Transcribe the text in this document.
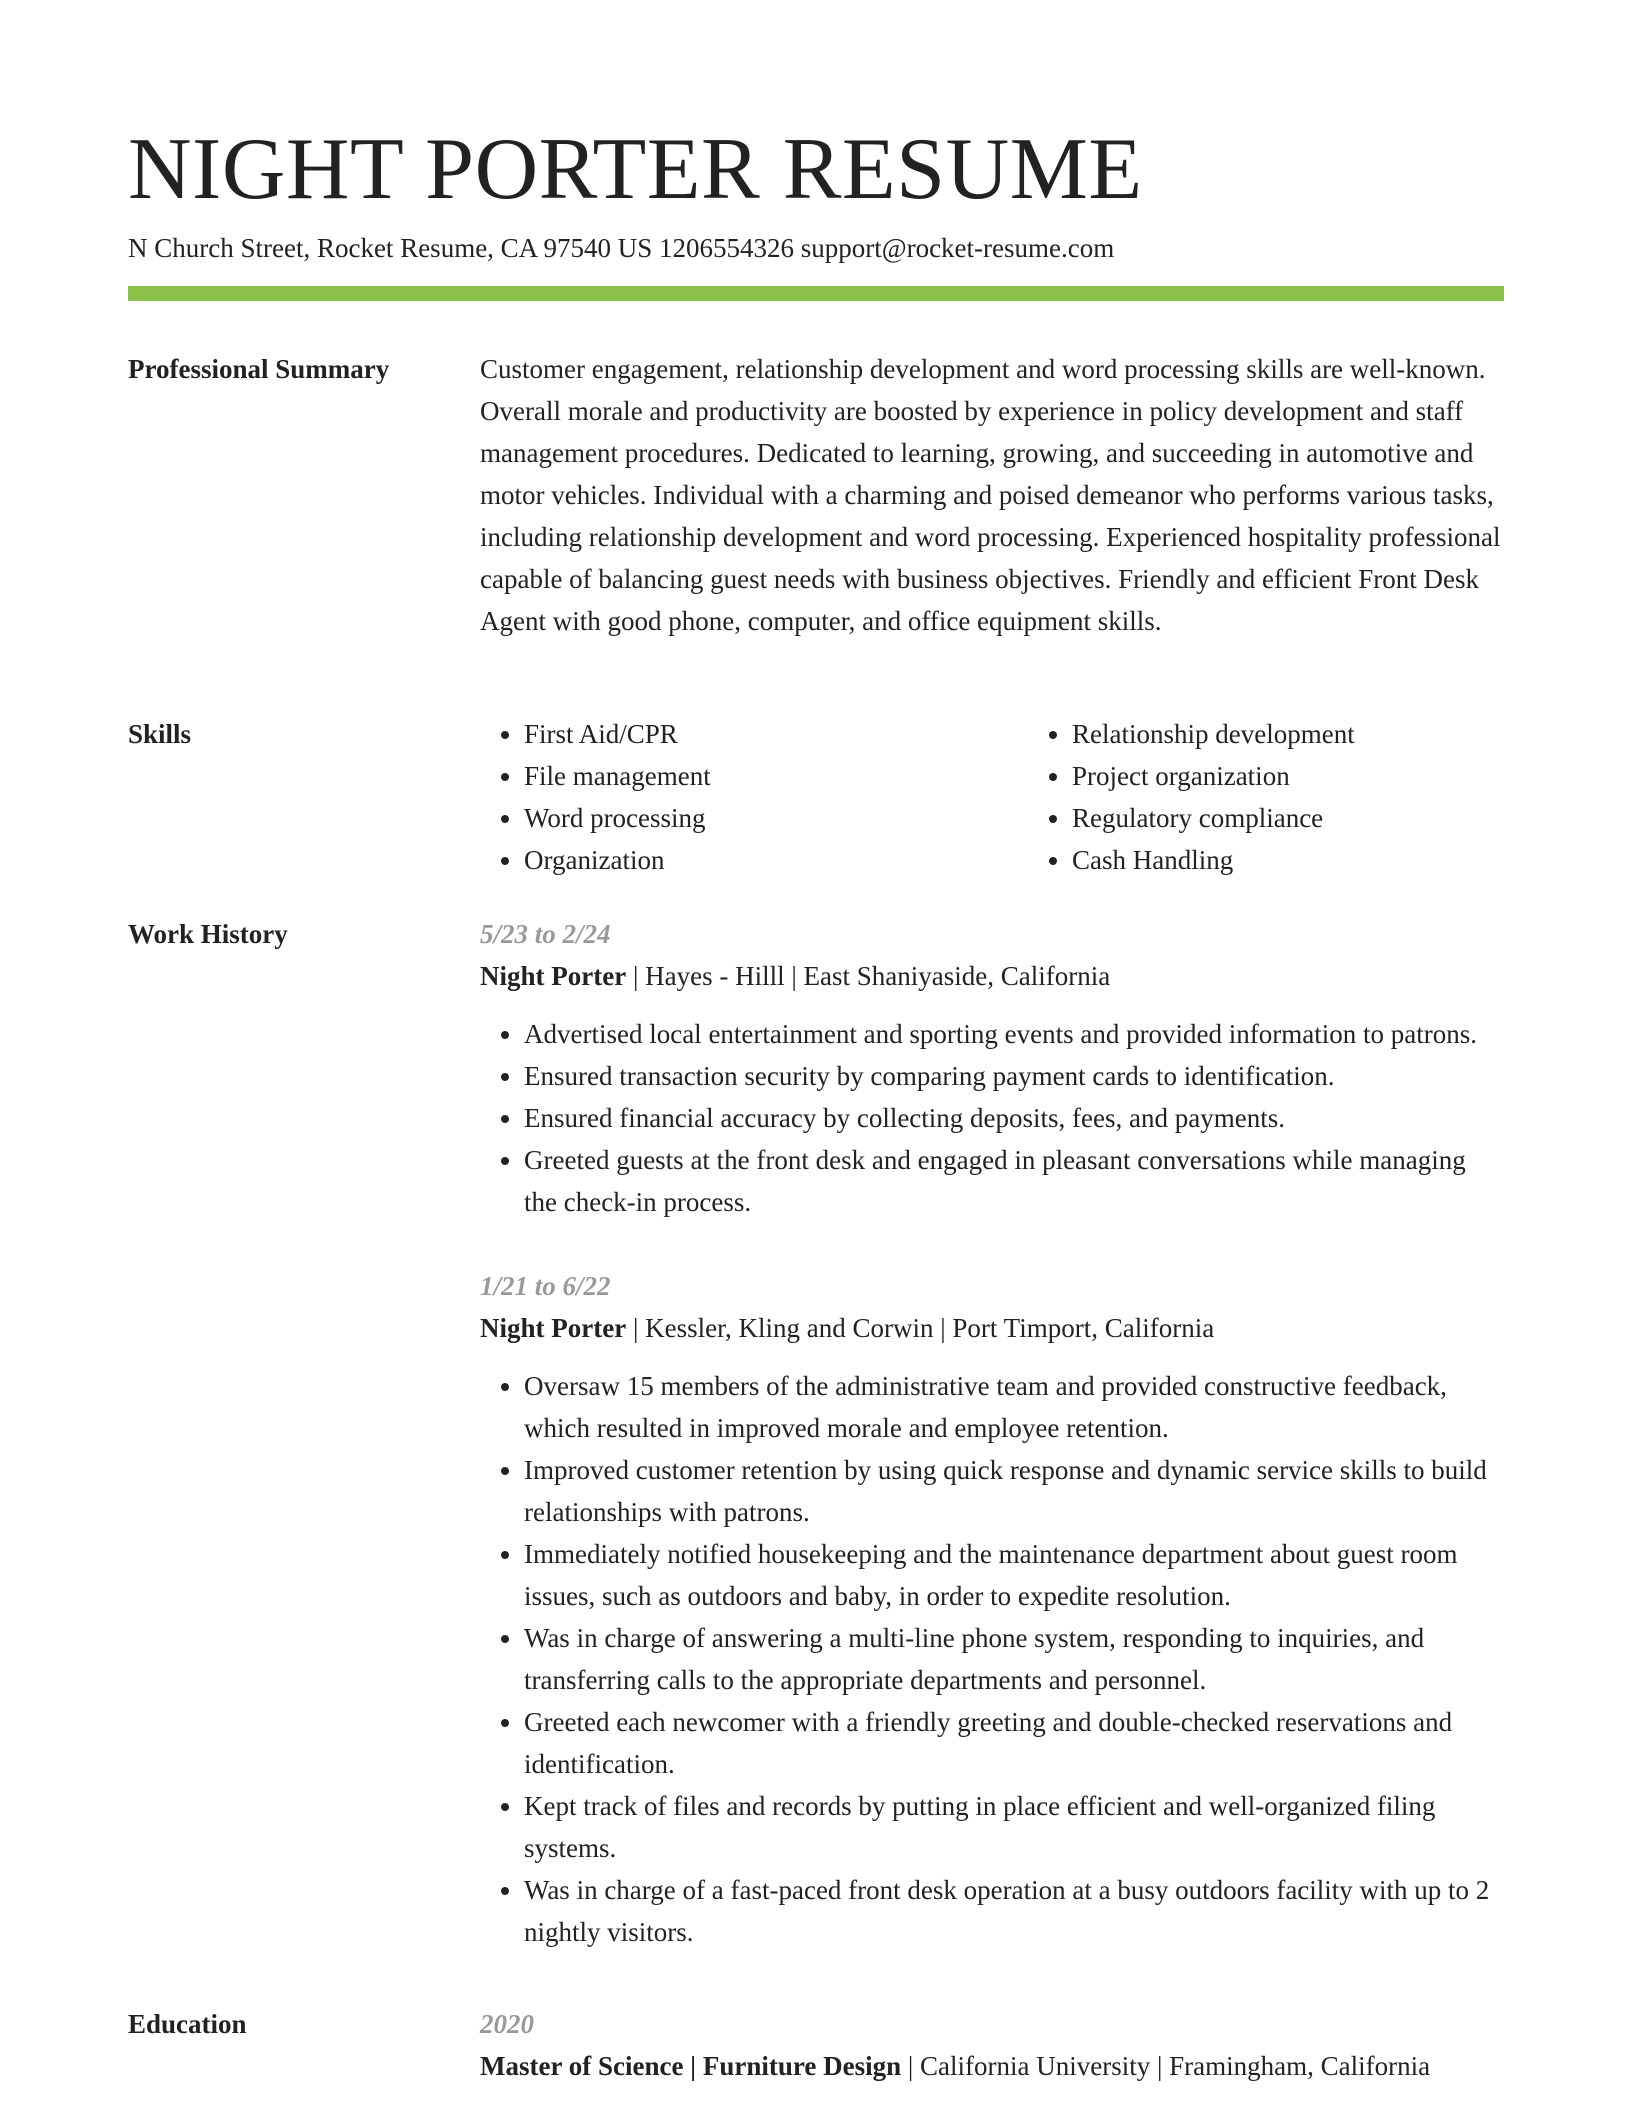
NIGHT PORTER RESUME
N Church Street, Rocket Resume, CA 97540 US 1206554326 support@rocket-resume.com
Professional Summary	Customer engagement, relationship development and word processing skills are well-known. Overall morale and productivity are boosted by experience in policy development and staff management procedures. Dedicated to learning, growing, and succeeding in automotive and motor vehicles. Individual with a charming and poised demeanor who performs various tasks, including relationship development and word processing. Experienced hospitality professional capable of balancing guest needs with business objectives. Friendly and efficient Front Desk Agent with good phone, computer, and office equipment skills.

Skills	• First Aid/CPR
• File management
• Word processing
• Organization
• Relationship development
• Project organization
• Regulatory compliance
• Cash Handling
Work History	5/23 to 2/24
Night Porter | Hayes - Hilll | East Shaniyaside, California
• Advertised local entertainment and sporting events and provided information to patrons.
• Ensured transaction security by comparing payment cards to identification.
• Ensured financial accuracy by collecting deposits, fees, and payments.
• Greeted guests at the front desk and engaged in pleasant conversations while managing the check-in process.
1/21 to 6/22
Night Porter | Kessler, Kling and Corwin | Port Timport, California
• Oversaw 15 members of the administrative team and provided constructive feedback, which resulted in improved morale and employee retention.
• Improved customer retention by using quick response and dynamic service skills to build relationships with patrons.
• Immediately notified housekeeping and the maintenance department about guest room issues, such as outdoors and baby, in order to expedite resolution.
• Was in charge of answering a multi-line phone system, responding to inquiries, and transferring calls to the appropriate departments and personnel.
• Greeted each newcomer with a friendly greeting and double-checked reservations and identification.
• Kept track of files and records by putting in place efficient and well-organized filing systems.
• Was in charge of a fast-paced front desk operation at a busy outdoors facility with up to 2 nightly visitors.
Education	2020
Master of Science | Furniture Design | California University | Framingham, California
